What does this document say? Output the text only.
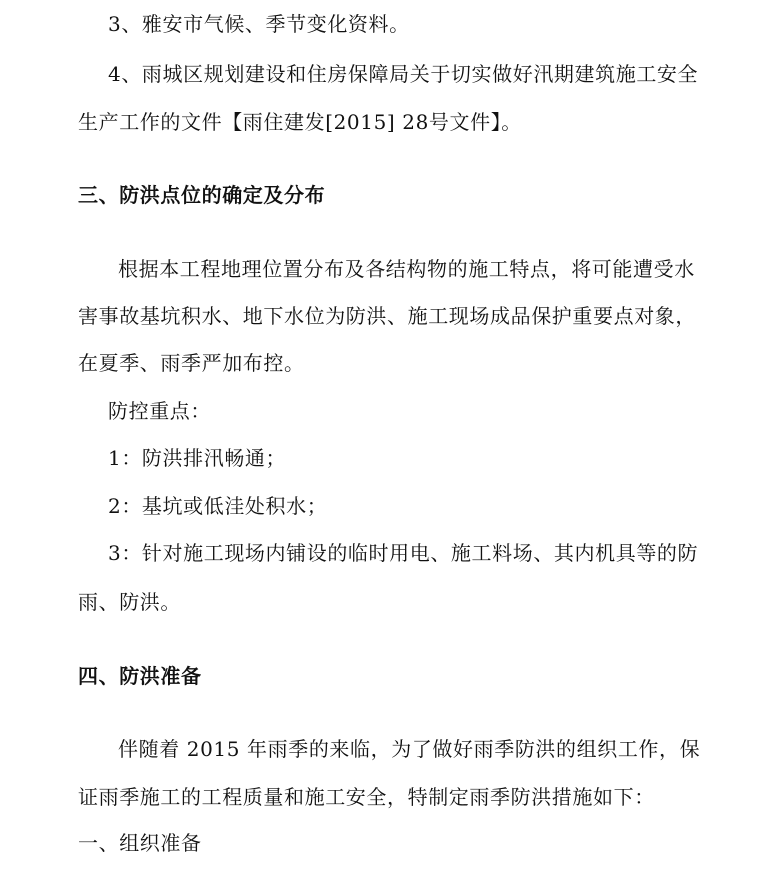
3、雅安市气候、季节变化资料。
4、雨城区规划建设和住房保障局关于切实做好汛期建筑施工安全
生产工作的文件【雨住建发[2015] 28号文件】。
三、防洪点位的确定及分布
根据本工程地理位置分布及各结构物的施工特点，将可能遭受水
害事故基坑积水、地下水位为防洪、施工现场成品保护重要点对象，
在夏季、雨季严加布控。
防控重点：
1：防洪排汛畅通；
2：基坑或低洼处积水；
3：针对施工现场内铺设的临时用电、施工料场、其内机具等的防
雨、防洪。
四、防洪准备
伴随着 2015 年雨季的来临，为了做好雨季防洪的组织工作，保
证雨季施工的工程质量和施工安全，特制定雨季防洪措施如下：
一、组织准备
